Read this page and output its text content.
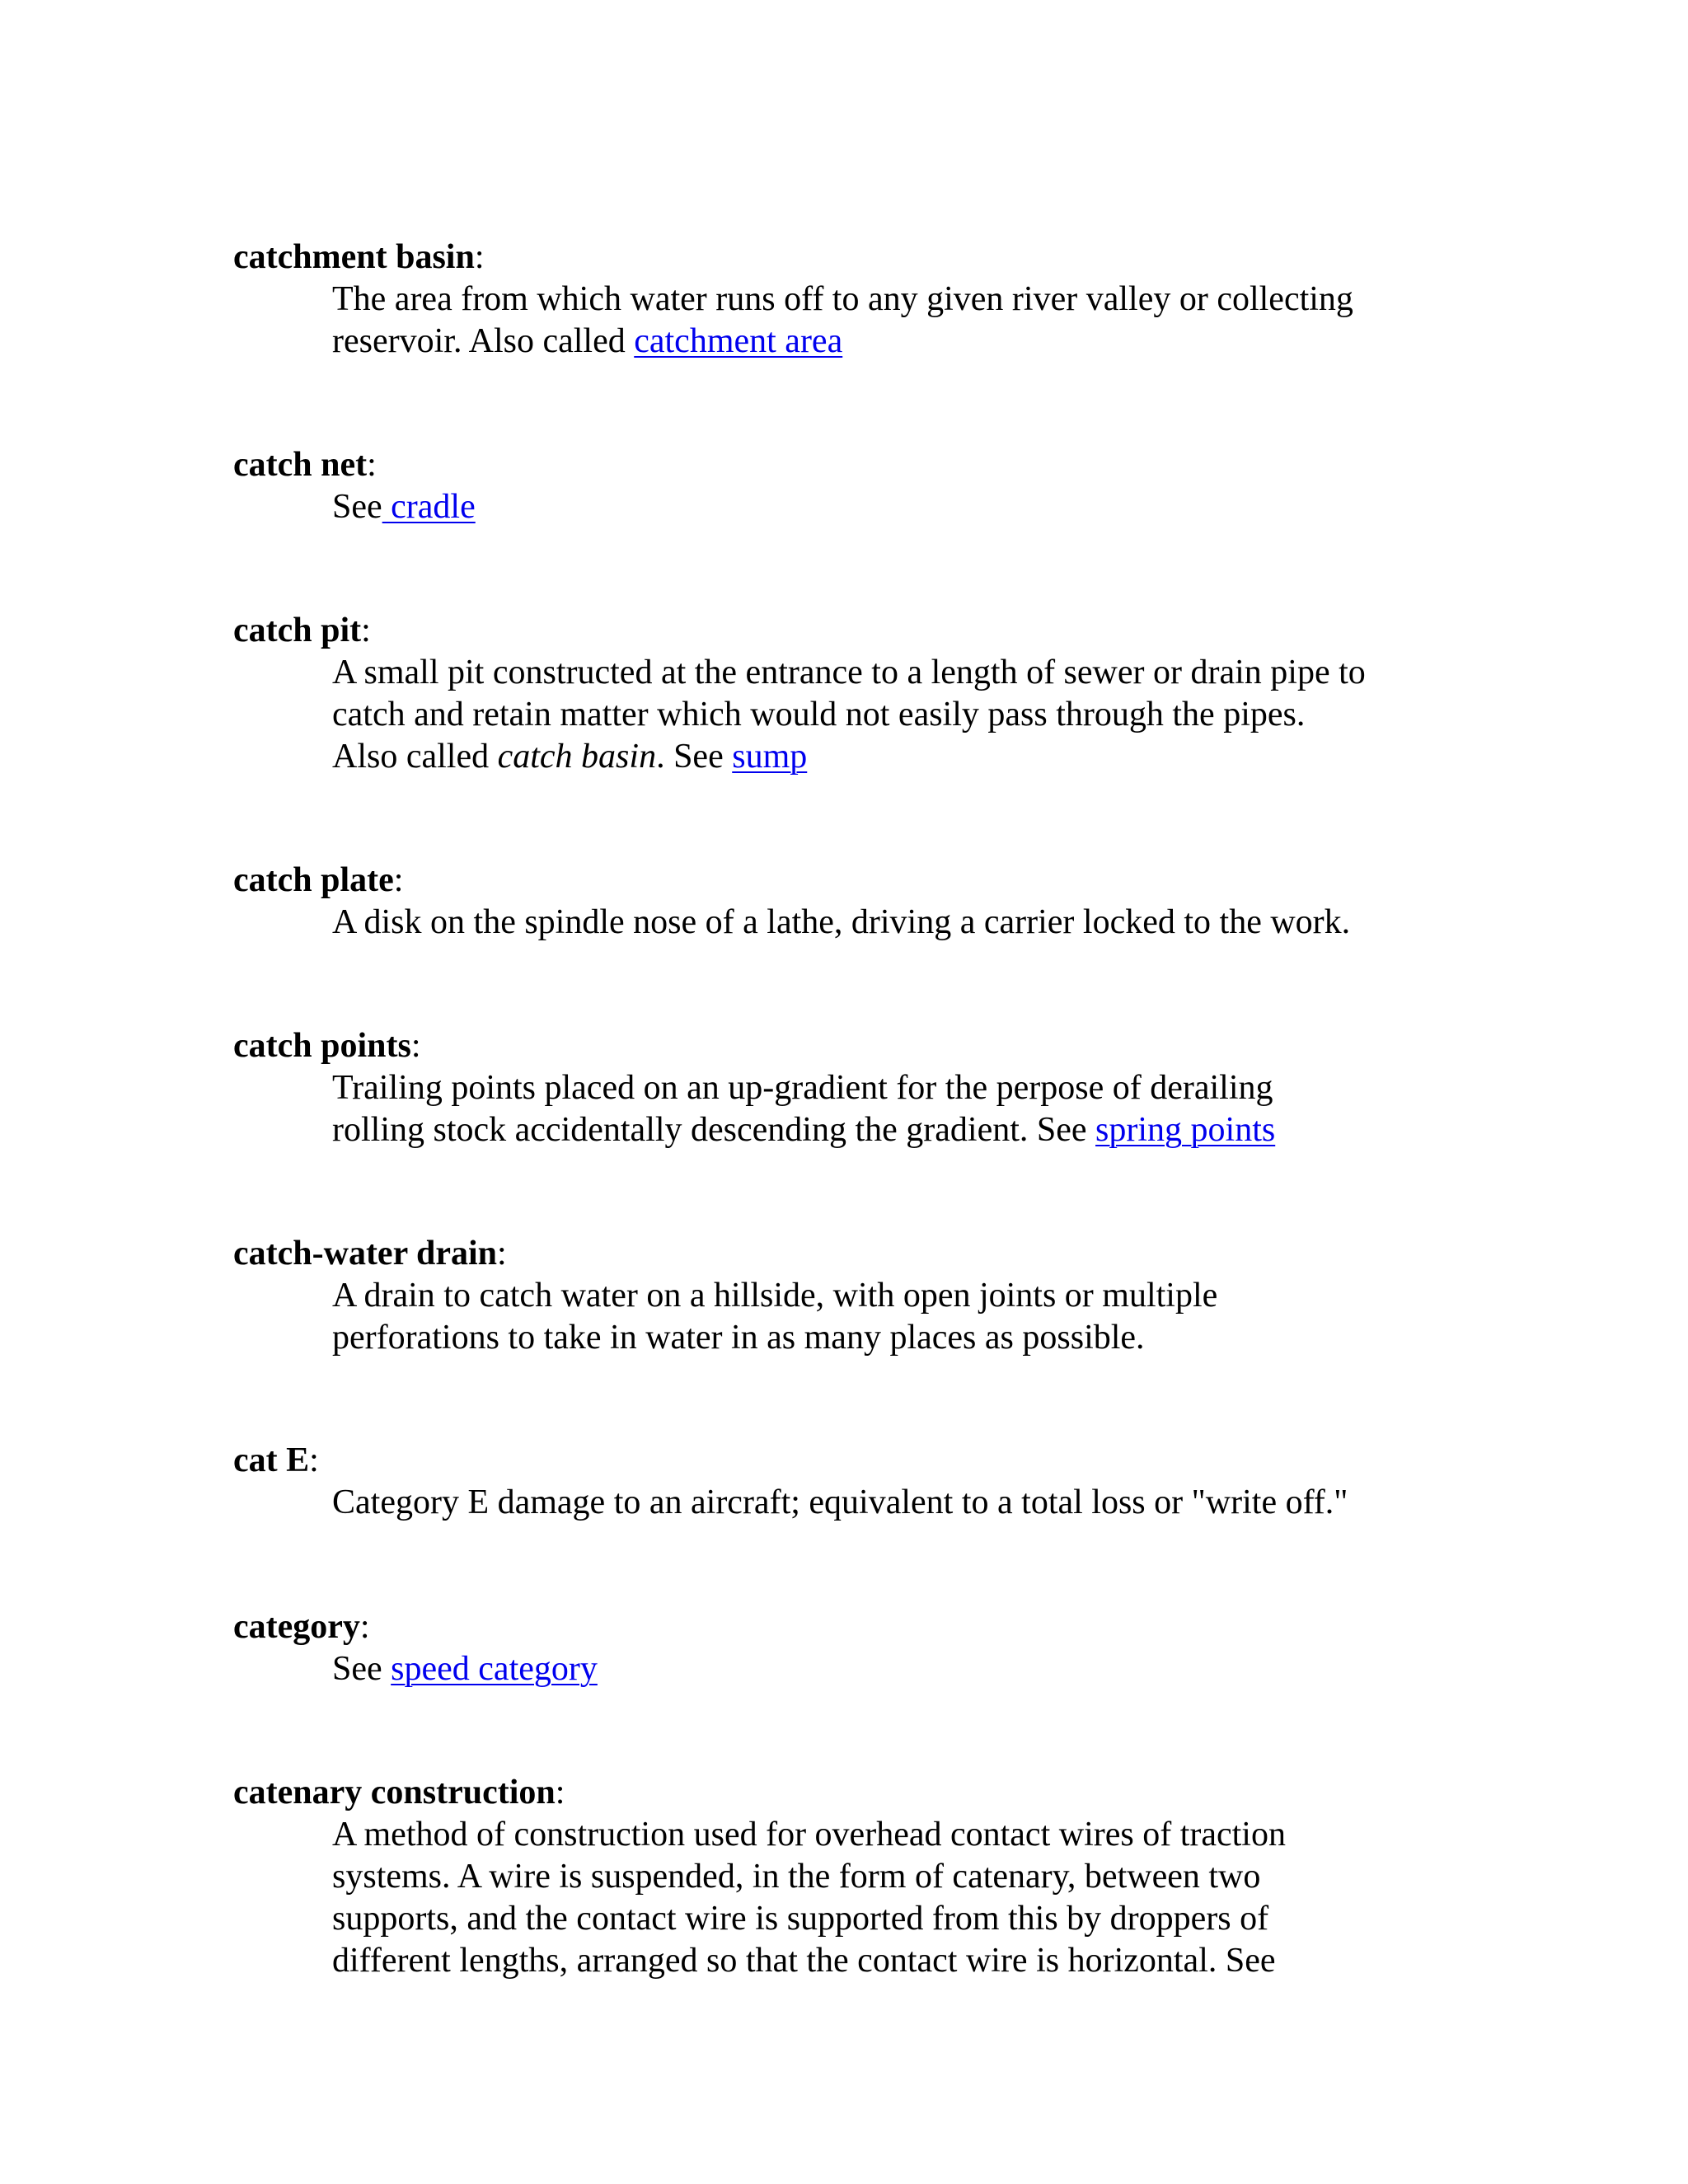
catchment basin:

The area from which water runs off to any given river valley or collecting
reservoir. Also called catchment area

catch net:

See cradle

catch pit:

A small pit constructed at the entrance to a length of sewer or drain pipe to
catch and retain matter which would not easily pass through the pipes.
Also called catch basin. See sump

catch plate:

A disk on the spindle nose of a lathe, driving a carrier locked to the work.

catch points:

Trailing points placed on an up-gradient for the perpose of derailing
rolling stock accidentally descending the gradient. See spring points

catch-water drain:

A drain to catch water on a hillside, with open joints or multiple
perforations to take in water in as many places as possible.

cat E:

Category E damage to an aircraft; equivalent to a total loss or "write off."

category:

See speed category

catenary construction:

A method of construction used for overhead contact wires of traction
systems. A wire is suspended, in the form of catenary, between two
supports, and the contact wire is supported from this by droppers of
different lengths, arranged so that the contact wire is horizontal. See
